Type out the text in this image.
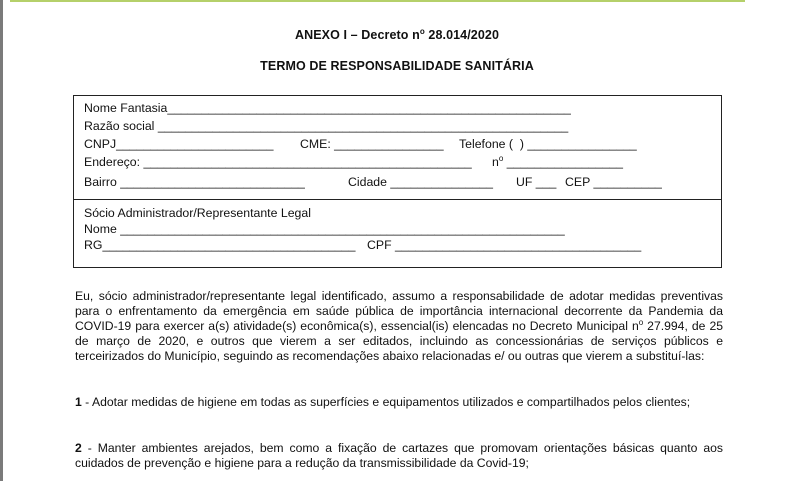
ANEXO I – Decreto $n^o$ 28.014/2020
TERMO DE RESPONSABILIDADE SANITÁRIA
Nome Fantasia___________________________________________________________
Razão social ____________________________________________________________
CNPJ_______________________ CME: ________________ Telefone (  ) ________________
Endereço: ________________________________________________ $n^o$ _________________
Bairro ___________________________	Cidade _______________ UF ___ CEP __________
Sócio Administrador/Representante Legal
Nome _________________________________________________________________
RG_____________________________________ CPF ____________________________________
Eu, sócio administrador/representante legal identificado, assumo a responsabilidade de adotar medidas preventivas para o enfrentamento da emergência em saúde pública de importância internacional decorrente da Pandemia da COVID-19 para exercer a(s) atividade(s) econômica(s), essencial(is) elencadas no Decreto Municipal $n^o$ 27.994, de 25 de março de 2020, e outros que vierem a ser editados, incluindo as concessionárias de serviços públicos e terceirizados do Município, seguindo as recomendações abaixo relacionadas e/ ou outras que vierem a substituí-las:
1 - Adotar medidas de higiene em todas as superfícies e equipamentos utilizados e compartilhados pelos clientes;
2 - Manter ambientes arejados, bem como a fixação de cartazes que promovam orientações básicas quanto aos cuidados de prevenção e higiene para a redução da transmissibilidade da Covid-19;
